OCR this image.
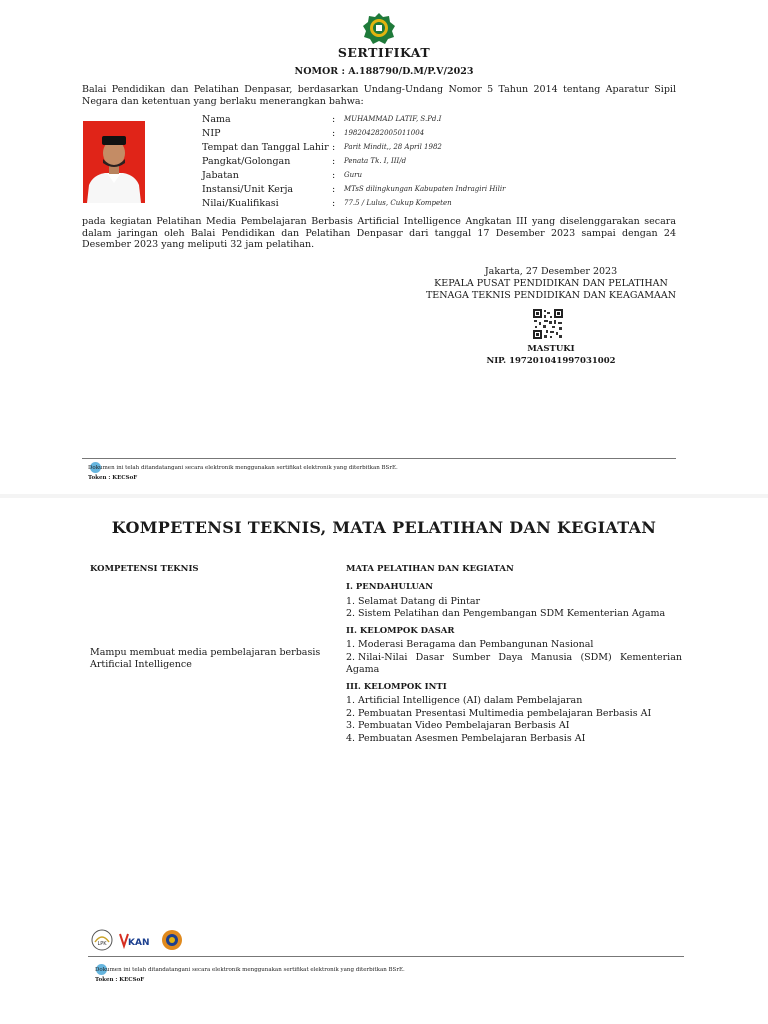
SERTIFIKAT
NOMOR : A.188790/D.M/P.V/2023
Balai Pendidikan dan Pelatihan Denpasar, berdasarkan Undang-Undang Nomor 5 Tahun 2014 tentang Aparatur Sipil Negara dan ketentuan yang berlaku menerangkan bahwa:
Nama	: MUHAMMAD LATIF, S.Pd.I
NIP	: 198204282005011004
Tempat dan Tanggal Lahir : Parit Mindit,, 28 April 1982
Pangkat/Golongan	: Penata Tk. I, III/d
Jabatan	: Guru
Instansi/Unit Kerja	: MTsS dilingkungan Kabupaten Indragiri Hilir
Nilai/Kualifikasi	: 77.5 / Lulus, Cukup Kompeten
pada kegiatan Pelatihan Media Pembelajaran Berbasis Artificial Intelligence Angkatan III yang diselenggarakan secara dalam jaringan oleh Balai Pendidikan dan Pelatihan Denpasar dari tanggal 17 Desember 2023 sampai dengan 24 Desember 2023 yang meliputi 32 jam pelatihan.
Jakarta, 27 Desember 2023
KEPALA PUSAT PENDIDIKAN DAN PELATIHAN
TENAGA TEKNIS PENDIDIKAN DAN KEAGAMAAN
MASTUKI
NIP. 197201041997031002
Dokumen ini telah ditandatangani secara elektronik menggunakan sertifikat elektronik yang diterbitkan BSrE.
Token : KECSoF
KOMPETENSI TEKNIS, MATA PELATIHAN DAN KEGIATAN
KOMPETENSI TEKNIS	MATA PELATIHAN DAN KEGIATAN
Mampu membuat media pembelajaran berbasis Artificial Intelligence
I. PENDAHULUAN
1. Selamat Datang di Pintar
2. Sistem Pelatihan dan Pengembangan SDM Kementerian Agama
II. KELOMPOK DASAR
1. Moderasi Beragama dan Pembangunan Nasional
2. Nilai-Nilai Dasar Sumber Daya Manusia (SDM) Kementerian Agama
III. KELOMPOK INTI
1. Artificial Intelligence (AI) dalam Pembelajaran
2. Pembuatan Presentasi Multimedia pembelajaran Berbasis AI
3. Pembuatan Video Pembelajaran Berbasis AI
4. Pembuatan Asesmen Pembelajaran Berbasis AI
LPK KAN
Dokumen ini telah ditandatangani secara elektronik menggunakan sertifikat elektronik yang diterbitkan BSrE.
Token : KECSoF
